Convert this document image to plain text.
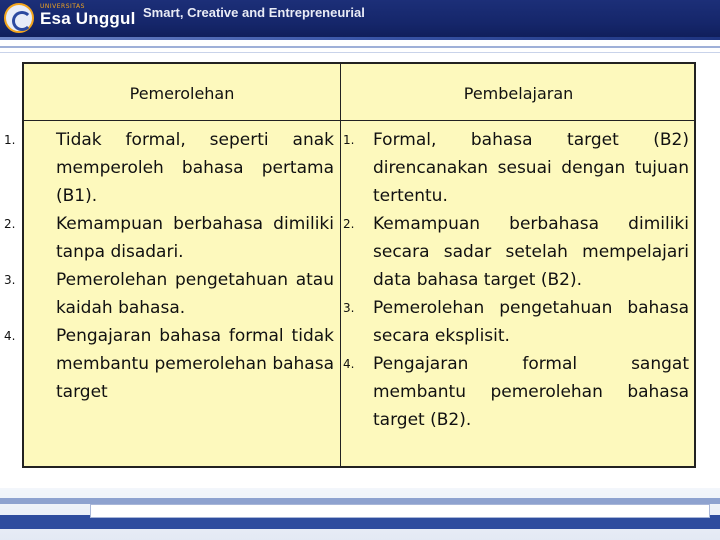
UNIVERSITAS
Esa Unggul Smart, Creative and Entrepreneurial
Pemerolehan	Pembelajaran
1. Tidak formal, seperti anak memperoleh bahasa pertama (B1).
2. Kemampuan berbahasa dimiliki tanpa disadari.
3. Pemerolehan pengetahuan atau kaidah bahasa.
4. Pengajaran bahasa formal tidak membantu pemerolehan bahasa target
1. Formal, bahasa target (B2) direncanakan sesuai dengan tujuan tertentu.
2. Kemampuan berbahasa dimiliki secara sadar setelah mempelajari data bahasa target (B2).
3. Pemerolehan pengetahuan bahasa secara eksplisit.
4. Pengajaran formal sangat membantu pemerolehan bahasa target (B2).
